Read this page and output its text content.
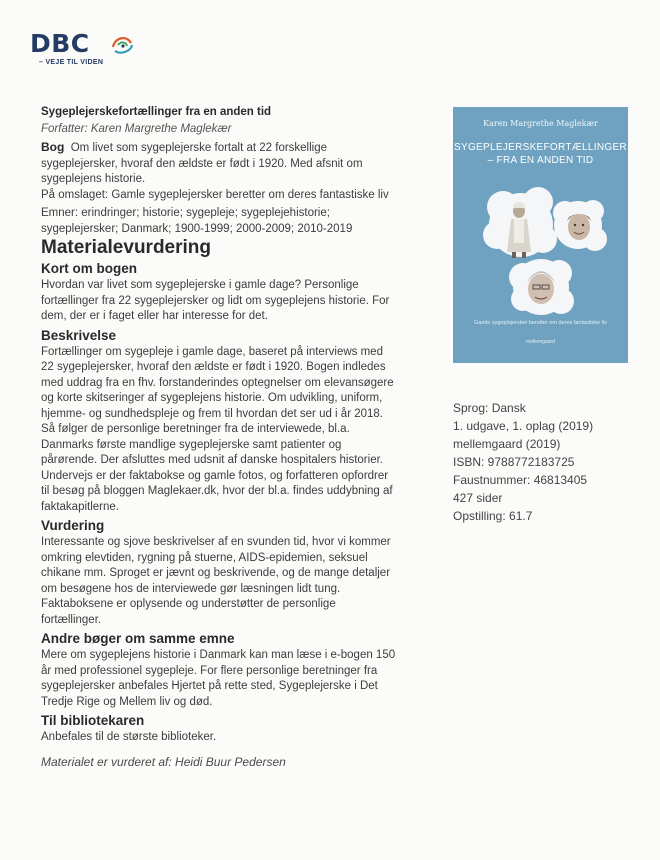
DBC
– VEJE TIL VIDEN
Sygeplejerskefortællinger fra en anden tid
Forfatter: Karen Margrethe Maglekær

Bog Om livet som sygeplejerske fortalt at 22 forskellige sygeplejersker, hvoraf den ældste er født i 1920. Med afsnit om sygeplejens historie.

På omslaget: Gamle sygeplejersker beretter om deres fantastiske liv

Emner: erindringer; historie; sygepleje; sygeplejehistorie; sygeplejersker; Danmark; 1900-1999; 2000-2009; 2010-2019

Materialevurdering
Kort om bogen

Hvordan var livet som sygeplejerske i gamle dage? Personlige fortællinger fra 22 sygeplejersker og lidt om sygeplejens historie. For dem, der er i faget eller har interesse for det.

Beskrivelse

Fortællinger om sygepleje i gamle dage, baseret på interviews med 22 sygeplejersker, hvoraf den ældste er født i 1920. Bogen indledes med uddrag fra en fhv. forstanderindes optegnelser om elevansøgere og korte skitseringer af sygeplejens historie. Om udvikling, uniform, hjemme- og sundhedspleje og frem til hvordan det ser ud i år 2018. Så følger de personlige beretninger fra de interviewede, bl.a. Danmarks første mandlige sygeplejerske samt patienter og pårørende. Der afsluttes med udsnit af danske hospitalers historier. Undervejs er der faktabokse og gamle fotos, og forfatteren opfordrer til besøg på bloggen Maglekaer.dk, hvor der bl.a. findes uddybning af faktakapitlerne.

Vurdering

Interessante og sjove beskrivelser af en svunden tid, hvor vi kommer omkring elevtiden, rygning på stuerne, AIDS-epidemien, seksuel chikane mm. Sproget er jævnt og beskrivende, og de mange detaljer om besøgene hos de interviewede gør læsningen lidt tung. Faktaboksene er oplysende og understøtter de personlige fortællinger.

Andre bøger om samme emne

Mere om sygeplejens historie i Danmark kan man læse i e-bogen 150 år med professionel sygepleje. For flere personlige beretninger fra sygeplejersker anbefales Hjertet på rette sted, Sygeplejerske i Det Tredje Rige og Mellem liv og død.

Til bibliotekaren

Anbefales til de største biblioteker.

Materialet er vurderet af: Heidi Buur Pedersen
Karen Margrethe Maglekær
SYGEPLEJERSKEFORTÆLLINGER
– FRA EN ANDEN TID
Gamle sygeplejersker beretter om deres fantastiske liv
mellemgaard
Sprog: Dansk
1. udgave, 1. oplag (2019)
mellemgaard (2019)
ISBN: 9788772183725
Faustnummer: 46813405
427 sider
Opstilling: 61.7
